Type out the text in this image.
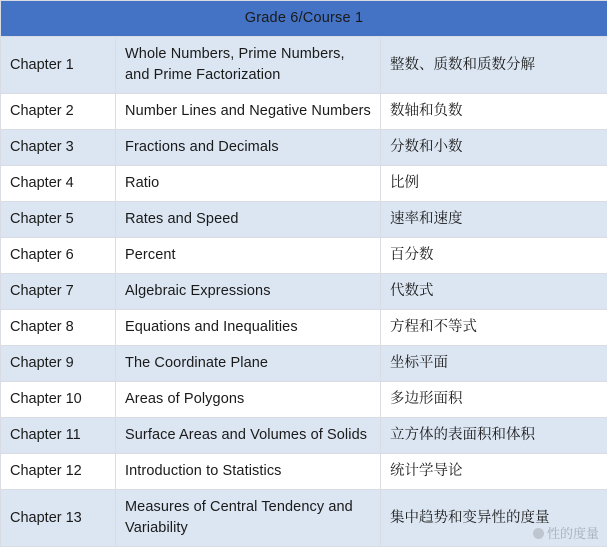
Grade 6/Course 1		
Chapter 1	Whole Numbers, Prime Numbers, and Prime Factorization	整数、质数和质数分解
Chapter 2	Number Lines and Negative Numbers	数轴和负数
Chapter 3	Fractions and Decimals	分数和小数
Chapter 4	Ratio	比例
Chapter 5	Rates and Speed	速率和速度
Chapter 6	Percent	百分数
Chapter 7	Algebraic Expressions	代数式
Chapter 8	Equations and Inequalities	方程和不等式
Chapter 9	The Coordinate Plane	坐标平面
Chapter 10	Areas of Polygons	多边形面积
Chapter 11	Surface Areas and Volumes of Solids	立方体的表面积和体积
Chapter 12	Introduction to Statistics	统计学导论
Chapter 13	Measures of Central Tendency and Variability	集中趋势和变异性的度量
性的度量
